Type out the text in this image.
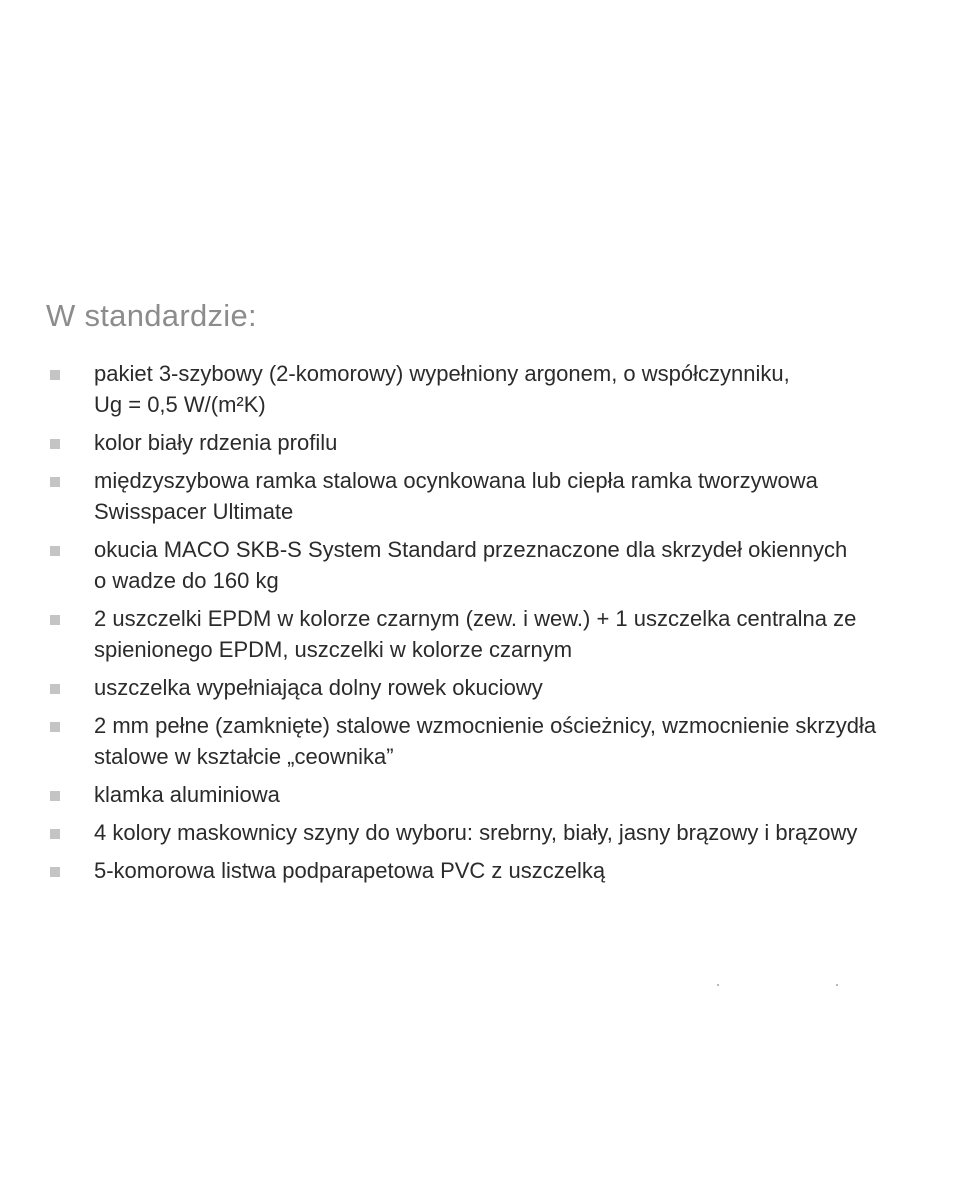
W standardzie:
pakiet 3-szybowy (2-komorowy) wypełniony argonem, o współczynniku,
Ug = 0,5 W/(m²K)
kolor biały rdzenia profilu
międzyszybowa ramka stalowa ocynkowana lub ciepła ramka tworzywowa
Swisspacer Ultimate
okucia MACO SKB-S System Standard przeznaczone dla skrzydeł okiennych
o wadze do 160 kg
2 uszczelki EPDM w kolorze czarnym (zew. i wew.) + 1 uszczelka centralna ze
spienionego EPDM, uszczelki w kolorze czarnym
uszczelka wypełniająca dolny rowek okuciowy
2 mm pełne (zamknięte) stalowe wzmocnienie ościeżnicy, wzmocnienie skrzydła
stalowe w kształcie „ceownika”
klamka aluminiowa
4 kolory maskownicy szyny do wyboru: srebrny, biały, jasny brązowy i brązowy
5-komorowa listwa podparapetowa PVC z uszczelką
